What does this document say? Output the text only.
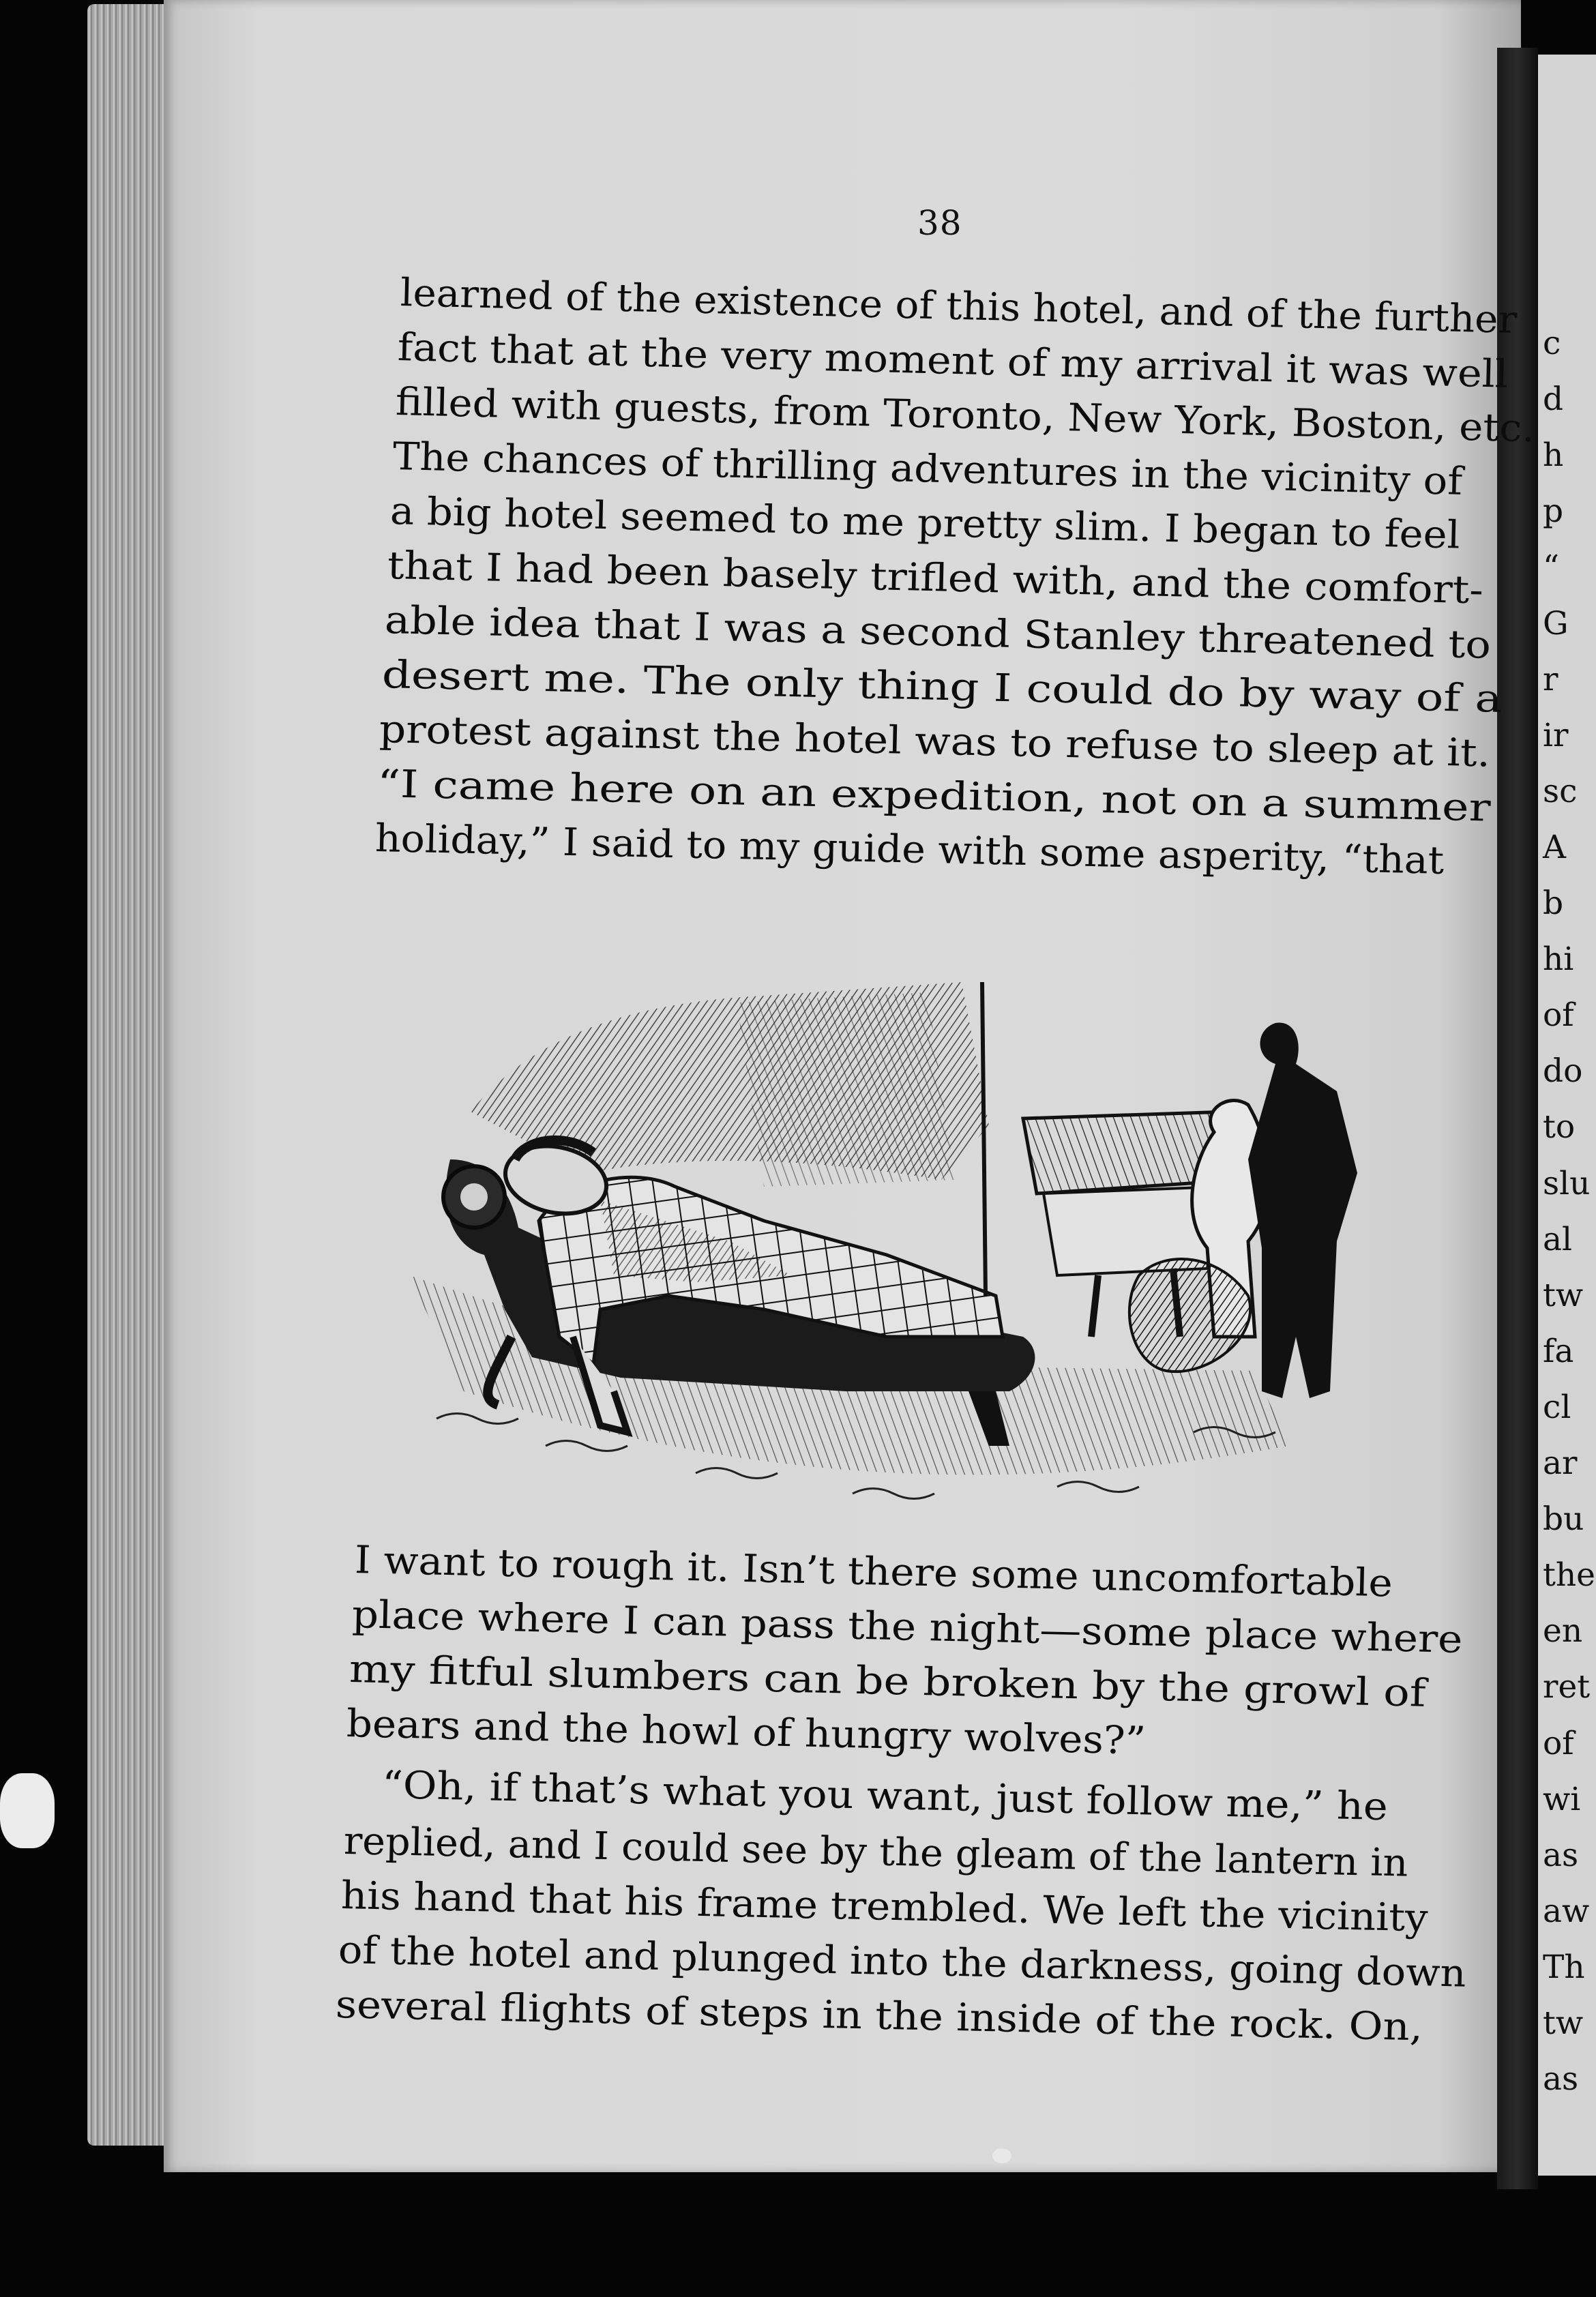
38
learned of the existence of this hotel, and of the further
fact that at the very moment of my arrival it was well
filled with guests, from Toronto, New York, Boston, etc.
The chances of thrilling adventures in the vicinity of
a big hotel seemed to me pretty slim. I began to feel
that I had been basely trifled with, and the comfort-
able idea that I was a second Stanley threatened to
desert me. The only thing I could do by way of a
protest against the hotel was to refuse to sleep at it.
“I came here on an expedition, not on a summer
holiday,” I said to my guide with some asperity, “that
I want to rough it. Isn’t there some uncomfortable
place where I can pass the night—some place where
my fitful slumbers can be broken by the growl of
bears and the howl of hungry wolves?”
“Oh, if that’s what you want, just follow me,” he
replied, and I could see by the gleam of the lantern in
his hand that his frame trembled. We left the vicinity
of the hotel and plunged into the darkness, going down
several flights of steps in the inside of the rock. On,
c
d
h
p
“
G
r
ir
sc
A
b
hi
of
do
to
slu
al
tw
fa
cl
ar
bu
the
en
ret
of
wi
as
aw
Th
tw
as
